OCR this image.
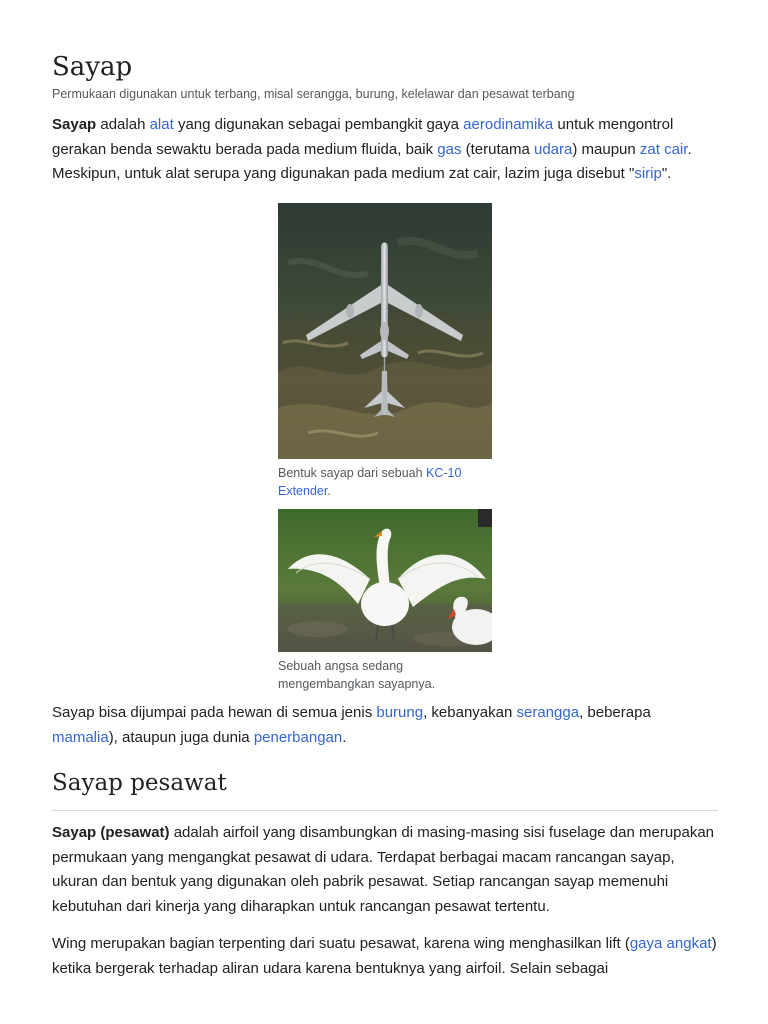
Sayap
Permukaan digunakan untuk terbang, misal serangga, burung, kelelawar dan pesawat terbang

Sayap adalah alat yang digunakan sebagai pembangkit gaya aerodinamika untuk mengontrol gerakan benda sewaktu berada pada medium fluida, baik gas (terutama udara) maupun zat cair. Meskipun, untuk alat serupa yang digunakan pada medium zat cair, lazim juga disebut "sirip".

Bentuk sayap dari sebuah KC-10 Extender.
Sebuah angsa sedang mengembangkan sayapnya.

Sayap bisa dijumpai pada hewan di semua jenis burung, kebanyakan serangga, beberapa mamalia), ataupun juga dunia penerbangan.

Sayap pesawat

Sayap (pesawat) adalah airfoil yang disambungkan di masing-masing sisi fuselage dan merupakan permukaan yang mengangkat pesawat di udara. Terdapat berbagai macam rancangan sayap, ukuran dan bentuk yang digunakan oleh pabrik pesawat. Setiap rancangan sayap memenuhi kebutuhan dari kinerja yang diharapkan untuk rancangan pesawat tertentu.

Wing merupakan bagian terpenting dari suatu pesawat, karena wing menghasilkan lift (gaya angkat) ketika bergerak terhadap aliran udara karena bentuknya yang airfoil. Selain sebagai
